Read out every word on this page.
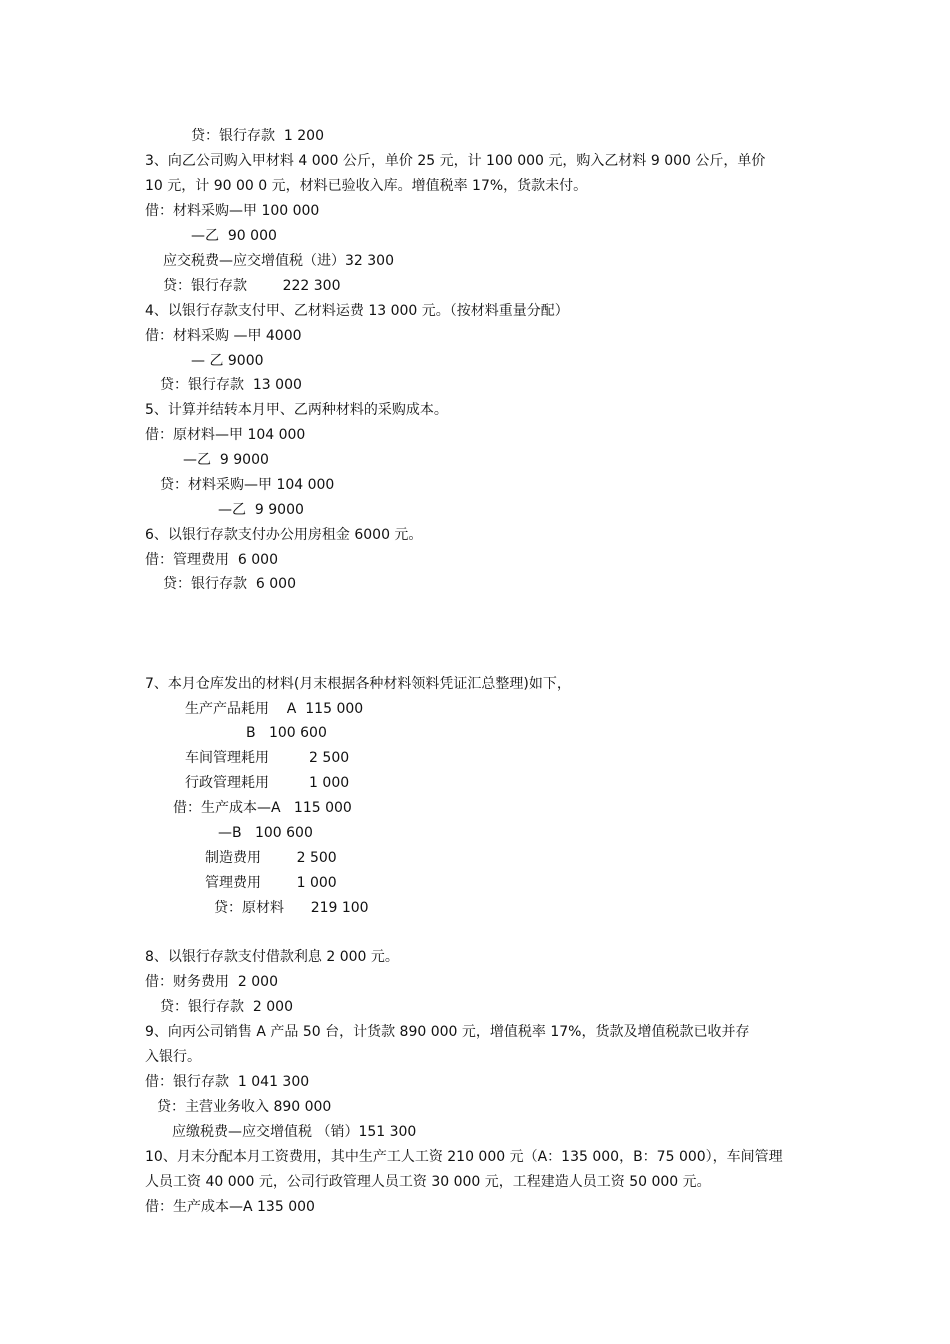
贷：银行存款  1 200
3、向乙公司购入甲材料 4 000 公斤，单价 25 元，计 100 000 元，购入乙材料 9 000 公斤，单价
10 元，计 90 00 0 元，材料已验收入库。增值税率 17%，货款未付。
借：材料采购—甲 100 000
—乙  90 000
应交税费—应交增值税（进）32 300
贷：银行存款        222 300
4、以银行存款支付甲、乙材料运费 13 000 元。（按材料重量分配）
借：材料采购 —甲 4000
— 乙 9000
贷：银行存款  13 000
5、计算并结转本月甲、乙两种材料的采购成本。
借：原材料—甲 104 000
—乙  9 9000
贷：材料采购—甲 104 000
—乙  9 9000
6、以银行存款支付办公用房租金 6000 元。
借：管理费用  6 000
贷：银行存款  6 000
7、本月仓库发出的材料(月末根据各种材料领料凭证汇总整理)如下，
生产产品耗用    A  115 000
B   100 600
车间管理耗用         2 500
行政管理耗用         1 000
借：生产成本—A   115 000
—B   100 600
制造费用        2 500
管理费用        1 000
贷：原材料      219 100
8、以银行存款支付借款利息 2 000 元。
借：财务费用  2 000
贷：银行存款  2 000
9、向丙公司销售 A 产品 50 台，计货款 890 000 元，增值税率 17%，货款及增值税款已收并存
入银行。
借：银行存款  1 041 300
贷：主营业务收入 890 000
应缴税费—应交增值税 （销）151 300
10、月末分配本月工资费用，其中生产工人工资 210 000 元（A：135 000，B：75 000），车间管理
人员工资 40 000 元，公司行政管理人员工资 30 000 元，工程建造人员工资 50 000 元。
借：生产成本—A 135 000
